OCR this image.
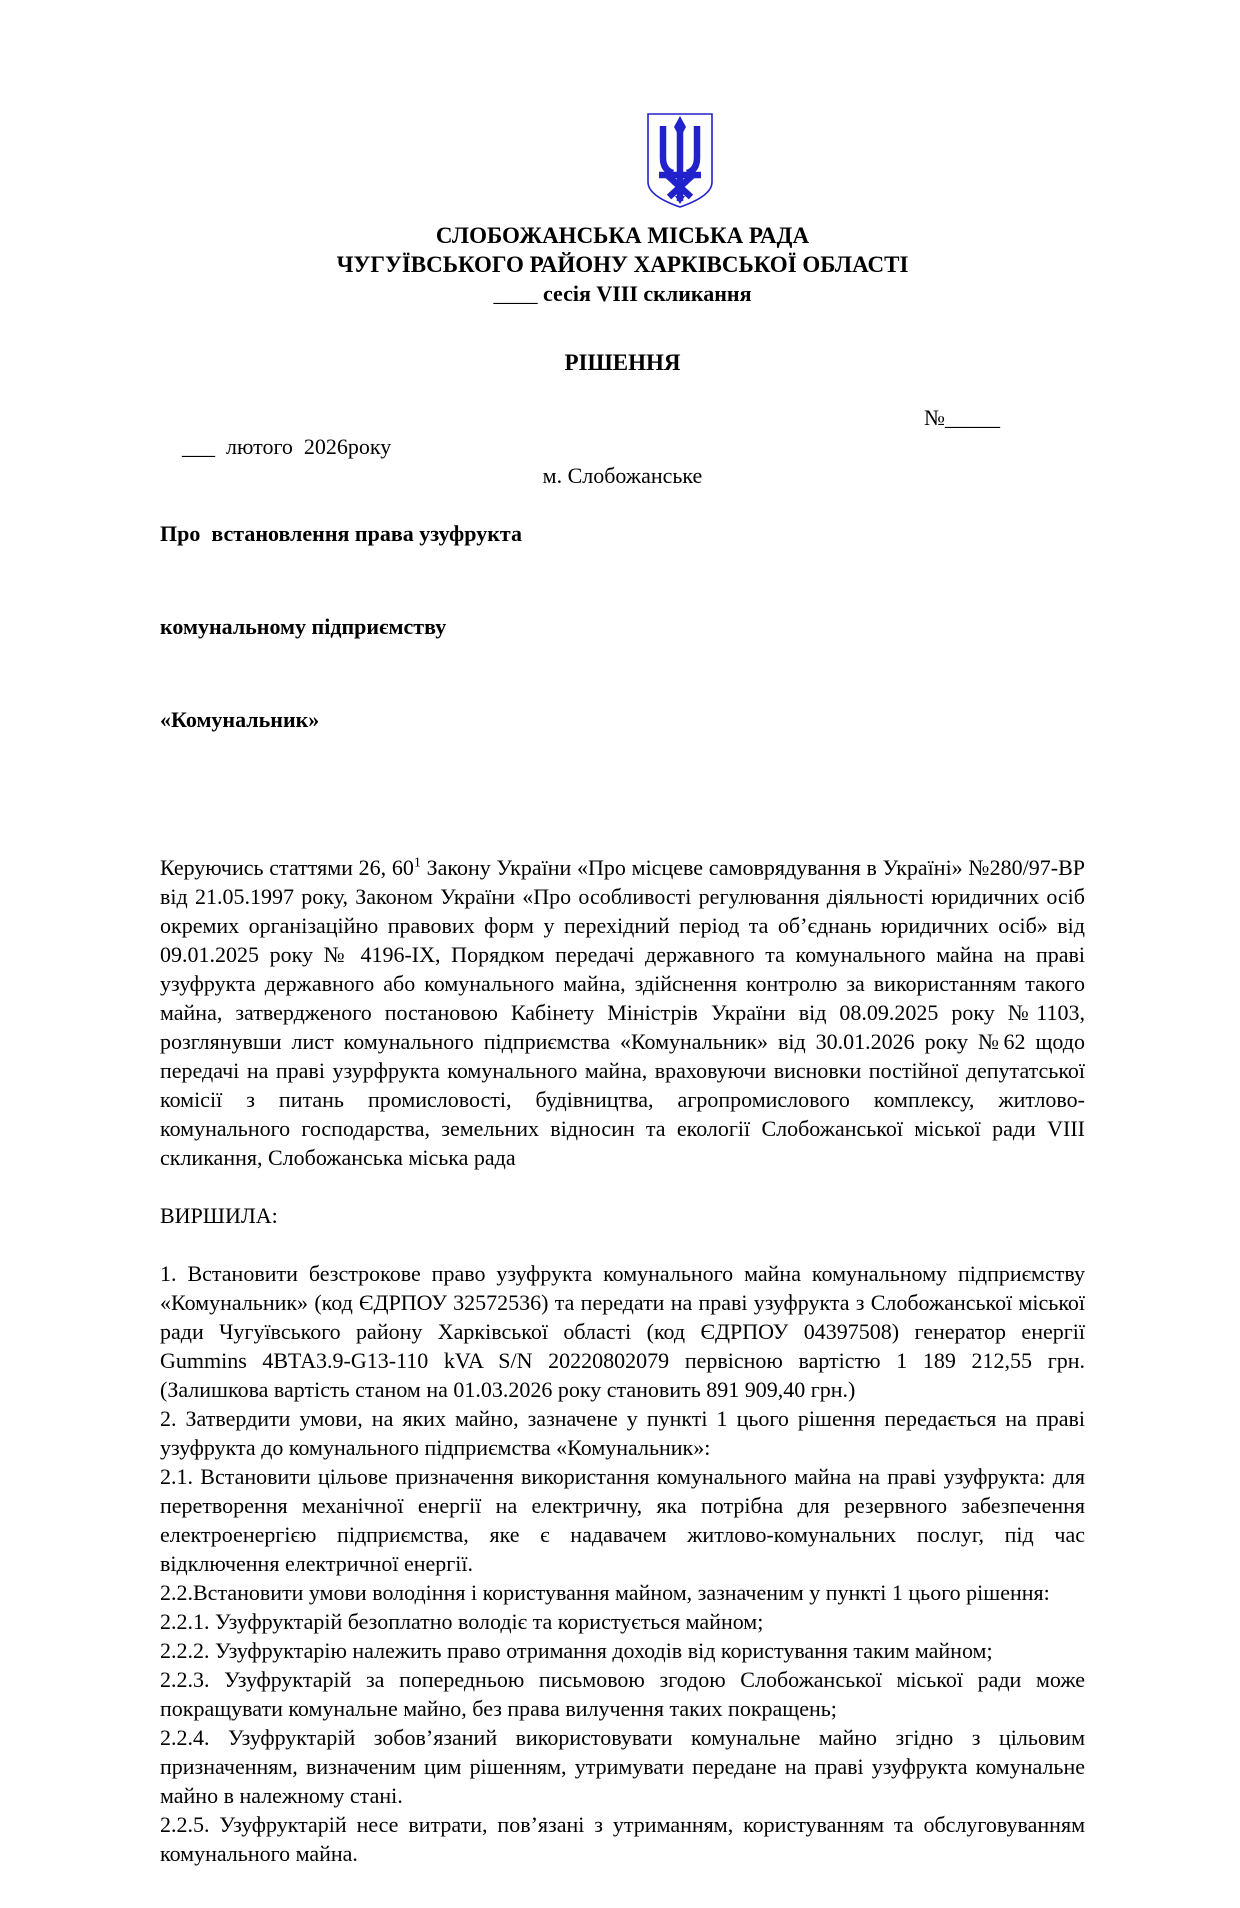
СЛОБОЖАНСЬКА МІСЬКА РАДА
ЧУГУЇВСЬКОГО РАЙОНУ ХАРКІВСЬКОЇ ОБЛАСТІ
____ сесія VIII скликання
РІШЕННЯ

___  лютого  2026року

м. Слобожанське

№_____

Про  встановлення права узуфрукта

комунальному підприємству

«Комунальник»

Керуючись статтями 26, $60^1$ Закону України «Про місцеве самоврядування в Україні» №280/97-ВР від 21.05.1997 року, Законом України «Про особливості регулювання діяльності юридичних осіб окремих організаційно правових форм у перехідний період та об’єднань юридичних осіб» від 09.01.2025 року № 4196-ІХ, Порядком передачі державного та комунального майна на праві узуфрукта державного або комунального майна, здійснення контролю за використанням такого майна, затвердженого постановою Кабінету Міністрів України від 08.09.2025 року №1103, розглянувши лист комунального підприємства «Комунальник» від 30.01.2026 року №62 щодо передачі на праві узурфрукта комунального майна, враховуючи висновки постійної депутатської комісії з питань промисловості, будівництва, агропромислового комплексу, житлово-комунального господарства, земельних відносин та екології Слобожанської міської ради VIII скликання, Слобожанська міська рада

ВИРШИЛА:

1. Встановити безстрокове право узуфрукта комунального майна комунальному підприємству «Комунальник» (код ЄДРПОУ 32572536) та передати на праві узуфрукта з Слобожанської міської ради Чугуївського району Харківської області (код ЄДРПОУ 04397508) генератор енергії Gummins 4ВТА3.9-G13-110 kVA S/N 20220802079 первісною вартістю 1 189 212,55 грн. (Залишкова вартість станом на 01.03.2026 року становить 891 909,40 грн.)

2. Затвердити умови, на яких майно, зазначене у пункті 1 цього рішення передається на праві узуфрукта до комунального підприємства «Комунальник»:

2.1. Встановити цільове призначення використання комунального майна на праві узуфрукта: для перетворення механічної енергії на електричну, яка потрібна для резервного забезпечення електроенергією підприємства, яке є надавачем житлово-комунальних послуг, під час відключення електричної енергії.

2.2.Встановити умови володіння і користування майном, зазначеним у пункті 1 цього рішення:

2.2.1. Узуфруктарій безоплатно володіє та користується майном;

2.2.2. Узуфруктарію належить право отримання доходів від користування таким майном;

2.2.3. Узуфруктарій за попередньою письмовою згодою Слобожанської міської ради може покращувати комунальне майно, без права вилучення таких покращень;

2.2.4. Узуфруктарій зобов’язаний використовувати комунальне майно згідно з цільовим призначенням, визначеним цим рішенням, утримувати передане на праві узуфрукта комунальне майно в належному стані.

2.2.5. Узуфруктарій несе витрати, пов’язані з утриманням, користуванням та обслуговуванням комунального майна.
